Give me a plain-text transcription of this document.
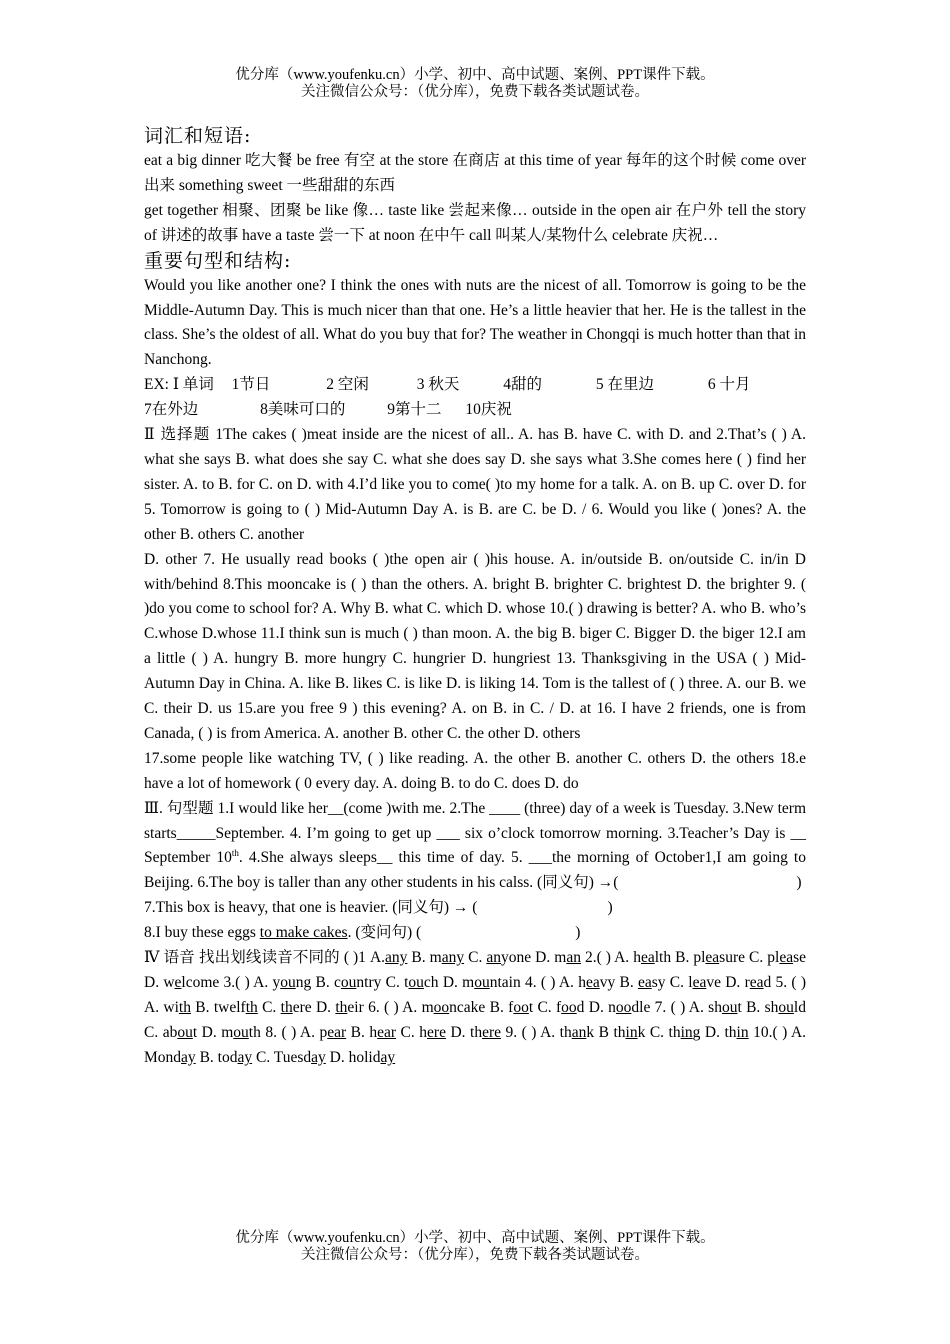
优分库（www.youfenku.cn）小学、初中、高中试题、案例、PPT课件下载。
关注微信公众号：（优分库），免费下载各类试题试卷。

词汇和短语:

eat a big dinner 吃大餐 be free 有空 at the store 在商店 at this time of year 每年的这个时候 come over 出来 something sweet 一些甜甜的东西

get together 相聚、团聚 be like 像… taste like 尝起来像… outside in the open air 在户外 tell the story of 讲述的故事 have a taste 尝一下 at noon 在中午 call 叫某人/某物什么 celebrate 庆祝…

重要句型和结构:

Would you like another one? I think the ones with nuts are the nicest of all. Tomorrow is going to be the Middle-Autumn Day. This is much nicer than that one. He’s a little heavier that her. He is the tallest in the class. She’s the oldest of all. What do you buy that for? The weather in Chongqi is much hotter than that in Nanchong.

EX: Ⅰ 单词 1节日	2 空闲	3 秋天	4甜的	5 在里边	6 十月

7在外边	8美味可口的	9第十二 10庆祝

Ⅱ 选择题 1The cakes ( )meat inside are the nicest of all.. A. has B. have C. with D. and 2.That’s ( ) A. what she says B. what does she say C. what she does say D. she says what 3.She comes here ( ) find her sister. A. to B. for C. on D. with 4.I’d like you to come( )to my home for a talk. A. on B. up C. over D. for 5. Tomorrow is going to ( ) Mid-Autumn Day A. is B. are C. be D. / 6. Would you like ( )ones? A. the other B. others C. another

D. other 7. He usually read books ( )the open air ( )his house. A. in/outside B. on/outside C. in/in D with/behind 8.This mooncake is ( ) than the others. A. bright B. brighter C. brightest D. the brighter 9. ( )do you come to school for? A. Why B. what C. which D. whose 10.( ) drawing is better? A. who B. who’s C.whose D.whose 11.I think sun is much ( ) than moon. A. the big B. biger C. Bigger D. the biger 12.I am a little ( ) A. hungry B. more hungry C. hungrier D. hungriest 13. Thanksgiving in the USA ( ) Mid-Autumn Day in China. A. like B. likes C. is like D. is liking 14. Tom is the tallest of ( ) three. A. our B. we C. their D. us 15.are you free 9 ) this evening? A. on B. in C. / D. at 16. I have 2 friends, one is from Canada, ( ) is from America. A. another B. other C. the other D. others

17.some people like watching TV, ( ) like reading. A. the other B. another C. others D. the others 18.e have a lot of homework ( 0 every day. A. doing B. to do C. does D. do

Ⅲ. 句型题 1.I would like her__(come )with me. 2.The ____ (three) day of a week is Tuesday. 3.New term starts_____September. 4. I’m going to get up ___ six o’clock tomorrow morning. 3.Teacher’s Day is __ September 10th. 4.She always sleeps__ this time of day. 5. ___the morning of October1,I am going to Beijing. 6.The boy is taller than any other students in his calss. (同义句) →(	)

7.This box is heavy, that one is heavier. (同义句) → (	)

8.I buy these eggs to make cakes. (变问句) (	)

Ⅳ 语音 找出划线读音不同的 ( )1 A.any B. many C. anyone D. man 2.( ) A. health B. pleasure C. please D. welcome 3.( ) A. young B. country C. touch D. mountain 4. ( ) A. heavy B. easy C. leave D. read 5. ( ) A. with B. twelfth C. there D. their 6. ( ) A. mooncake B. foot C. food D. noodle 7. ( ) A. shout B. should C. about D. mouth 8. ( ) A. pear B. hear C. here D. there 9. ( ) A. thank B think C. thing D. thin 10.( ) A. Monday B. today C. Tuesday D. holiday

优分库（www.youfenku.cn）小学、初中、高中试题、案例、PPT课件下载。
关注微信公众号：（优分库），免费下载各类试题试卷。
